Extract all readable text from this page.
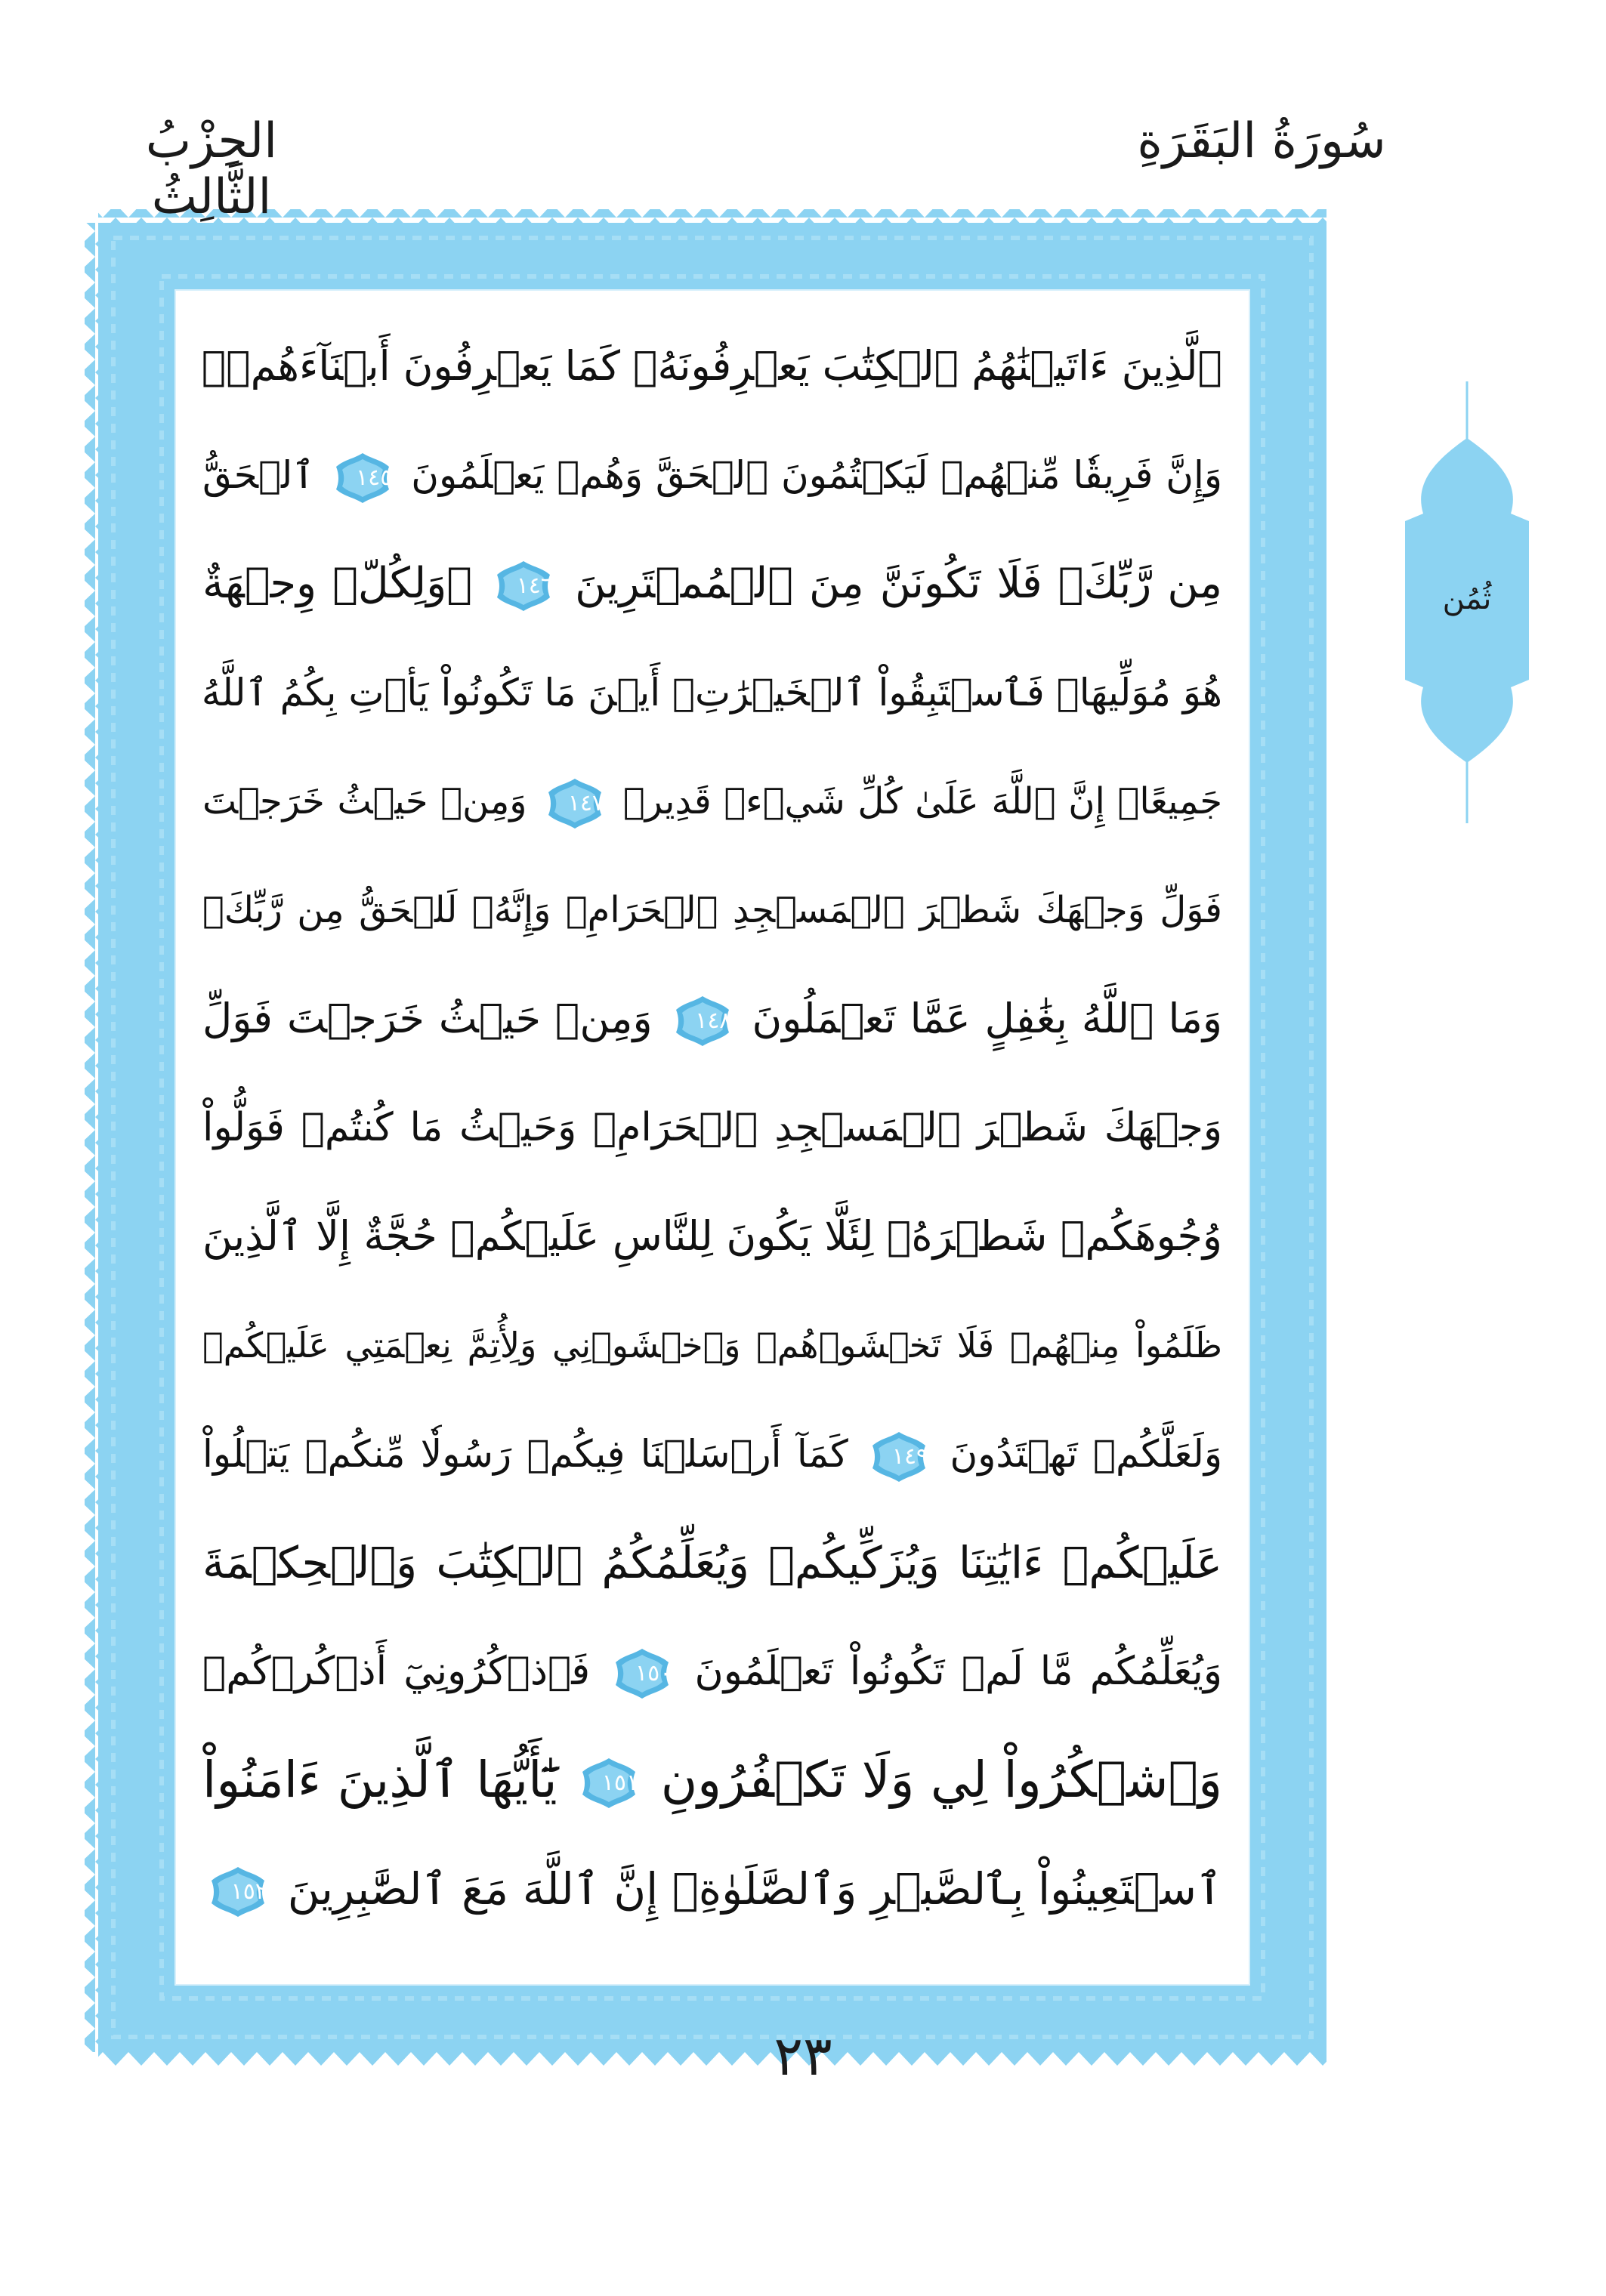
سُورَةُ البَقَرَةِ
الحِزْبُ الثَّالِثُ
ٱلَّذِينَ ءَاتَيۡنَٰهُمُ ٱلۡكِتَٰبَ يَعۡرِفُونَهُۥ كَمَا يَعۡرِفُونَ أَبۡنَآءَهُمۡۖ
وَإِنَّ فَرِيقٗا مِّنۡهُمۡ لَيَكۡتُمُونَ ٱلۡحَقَّ وَهُمۡ يَعۡلَمُونَ
١٤٥ ٱلۡحَقُّ
مِن رَّبِّكَۖ فَلَا تَكُونَنَّ مِنَ ٱلۡمُمۡتَرِينَ
١٤٦ ۞وَلِكُلّٖ وِجۡهَةٌ
هُوَ مُوَلِّيهَاۖ فَٱسۡتَبِقُواْ ٱلۡخَيۡرَٰتِۚ أَيۡنَ مَا تَكُونُواْ يَأۡتِ بِكُمُ ٱللَّهُ
جَمِيعًاۚ إِنَّ ٱللَّهَ عَلَىٰ كُلِّ شَيۡءٖ قَدِيرٞ
١٤٧ وَمِنۡ حَيۡثُ خَرَجۡتَ
فَوَلِّ وَجۡهَكَ شَطۡرَ ٱلۡمَسۡجِدِ ٱلۡحَرَامِۖ وَإِنَّهُۥ لَلۡحَقُّ مِن رَّبِّكَۗ
وَمَا ٱللَّهُ بِغَٰفِلٍ عَمَّا تَعۡمَلُونَ
١٤٨ وَمِنۡ حَيۡثُ خَرَجۡتَ فَوَلِّ
وَجۡهَكَ شَطۡرَ ٱلۡمَسۡجِدِ ٱلۡحَرَامِۚ وَحَيۡثُ مَا كُنتُمۡ فَوَلُّواْ
وُجُوهَكُمۡ شَطۡرَهُۥ لِئَلَّا يَكُونَ لِلنَّاسِ عَلَيۡكُمۡ حُجَّةٌ إِلَّا ٱلَّذِينَ
ظَلَمُواْ مِنۡهُمۡ فَلَا تَخۡشَوۡهُمۡ وَٱخۡشَوۡنِي وَلِأُتِمَّ نِعۡمَتِي عَلَيۡكُمۡ
وَلَعَلَّكُمۡ تَهۡتَدُونَ
١٤٩ كَمَآ أَرۡسَلۡنَا فِيكُمۡ رَسُولٗا مِّنكُمۡ يَتۡلُواْ
عَلَيۡكُمۡ ءَايَٰتِنَا وَيُزَكِّيكُمۡ وَيُعَلِّمُكُمُ ٱلۡكِتَٰبَ وَٱلۡحِكۡمَةَ
وَيُعَلِّمُكُم مَّا لَمۡ تَكُونُواْ تَعۡلَمُونَ
١٥٠ فَٱذۡكُرُونِيٓ أَذۡكُرۡكُمۡ
وَٱشۡكُرُواْ لِي وَلَا تَكۡفُرُونِ
١٥١ يَٰٓأَيُّهَا ٱلَّذِينَ ءَامَنُواْ
ٱسۡتَعِينُواْ بِٱلصَّبۡرِ وَٱلصَّلَوٰةِۚ إِنَّ ٱللَّهَ مَعَ ٱلصَّٰبِرِينَ
١٥٢
ثُمُن
٢٣
